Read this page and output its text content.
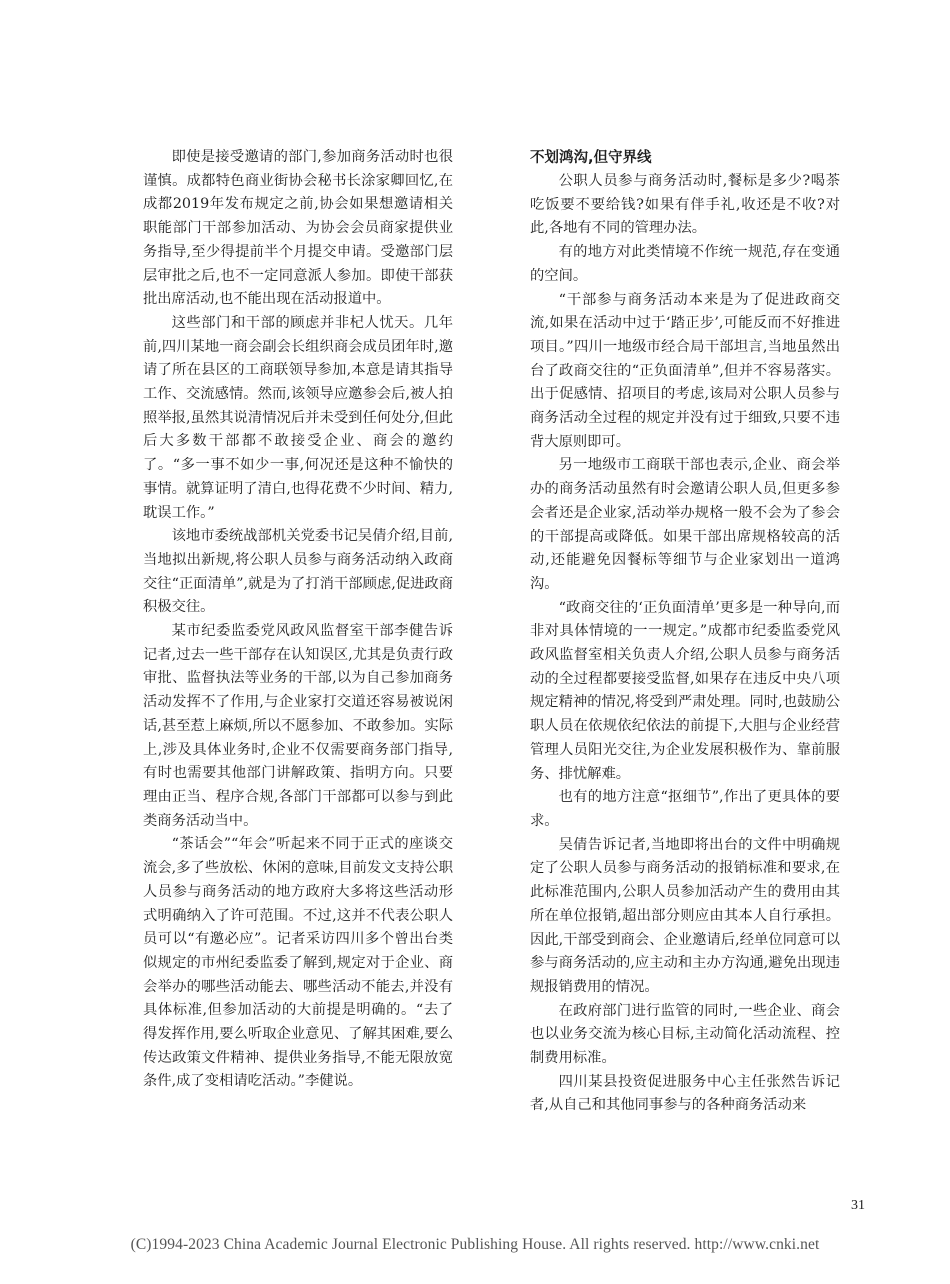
即使是接受邀请的部门,参加商务活动时也很谨慎。成都特色商业街协会秘书长涂家卿回忆,在成都2019年发布规定之前,协会如果想邀请相关职能部门干部参加活动、为协会会员商家提供业务指导,至少得提前半个月提交申请。受邀部门层层审批之后,也不一定同意派人参加。即使干部获批出席活动,也不能出现在活动报道中。

这些部门和干部的顾虑并非杞人忧天。几年前,四川某地一商会副会长组织商会成员团年时,邀请了所在县区的工商联领导参加,本意是请其指导工作、交流感情。然而,该领导应邀参会后,被人拍照举报,虽然其说清情况后并未受到任何处分,但此后大多数干部都不敢接受企业、商会的邀约了。“多一事不如少一事,何况还是这种不愉快的事情。就算证明了清白,也得花费不少时间、精力,耽误工作。”

该地市委统战部机关党委书记吴倩介绍,目前,当地拟出新规,将公职人员参与商务活动纳入政商交往“正面清单”,就是为了打消干部顾虑,促进政商积极交往。

某市纪委监委党风政风监督室干部李健告诉记者,过去一些干部存在认知误区,尤其是负责行政审批、监督执法等业务的干部,以为自己参加商务活动发挥不了作用,与企业家打交道还容易被说闲话,甚至惹上麻烦,所以不愿参加、不敢参加。实际上,涉及具体业务时,企业不仅需要商务部门指导,有时也需要其他部门讲解政策、指明方向。只要理由正当、程序合规,各部门干部都可以参与到此类商务活动当中。

“茶话会”“年会”听起来不同于正式的座谈交流会,多了些放松、休闲的意味,目前发文支持公职人员参与商务活动的地方政府大多将这些活动形式明确纳入了许可范围。不过,这并不代表公职人员可以“有邀必应”。记者采访四川多个曾出台类似规定的市州纪委监委了解到,规定对于企业、商会举办的哪些活动能去、哪些活动不能去,并没有具体标准,但参加活动的大前提是明确的。“去了得发挥作用,要么听取企业意见、了解其困难,要么传达政策文件精神、提供业务指导,不能无限放宽条件,成了变相请吃活动。”李健说。

不划鸿沟,但守界线

公职人员参与商务活动时,餐标是多少?喝茶吃饭要不要给钱?如果有伴手礼,收还是不收?对此,各地有不同的管理办法。

有的地方对此类情境不作统一规范,存在变通的空间。

“干部参与商务活动本来是为了促进政商交流,如果在活动中过于‘踏正步’,可能反而不好推进项目。”四川一地级市经合局干部坦言,当地虽然出台了政商交往的“正负面清单”,但并不容易落实。出于促感情、招项目的考虑,该局对公职人员参与商务活动全过程的规定并没有过于细致,只要不违背大原则即可。

另一地级市工商联干部也表示,企业、商会举办的商务活动虽然有时会邀请公职人员,但更多参会者还是企业家,活动举办规格一般不会为了参会的干部提高或降低。如果干部出席规格较高的活动,还能避免因餐标等细节与企业家划出一道鸿沟。

“政商交往的‘正负面清单’更多是一种导向,而非对具体情境的一一规定。”成都市纪委监委党风政风监督室相关负责人介绍,公职人员参与商务活动的全过程都要接受监督,如果存在违反中央八项规定精神的情况,将受到严肃处理。同时,也鼓励公职人员在依规依纪依法的前提下,大胆与企业经营管理人员阳光交往,为企业发展积极作为、靠前服务、排忧解难。

也有的地方注意“抠细节”,作出了更具体的要求。

吴倩告诉记者,当地即将出台的文件中明确规定了公职人员参与商务活动的报销标准和要求,在此标准范围内,公职人员参加活动产生的费用由其所在单位报销,超出部分则应由其本人自行承担。因此,干部受到商会、企业邀请后,经单位同意可以参与商务活动的,应主动和主办方沟通,避免出现违规报销费用的情况。

在政府部门进行监管的同时,一些企业、商会也以业务交流为核心目标,主动简化活动流程、控制费用标准。

四川某县投资促进服务中心主任张然告诉记者,从自己和其他同事参与的各种商务活动来

31
(C)1994-2023 China Academic Journal Electronic Publishing House. All rights reserved. http://www.cnki.net
